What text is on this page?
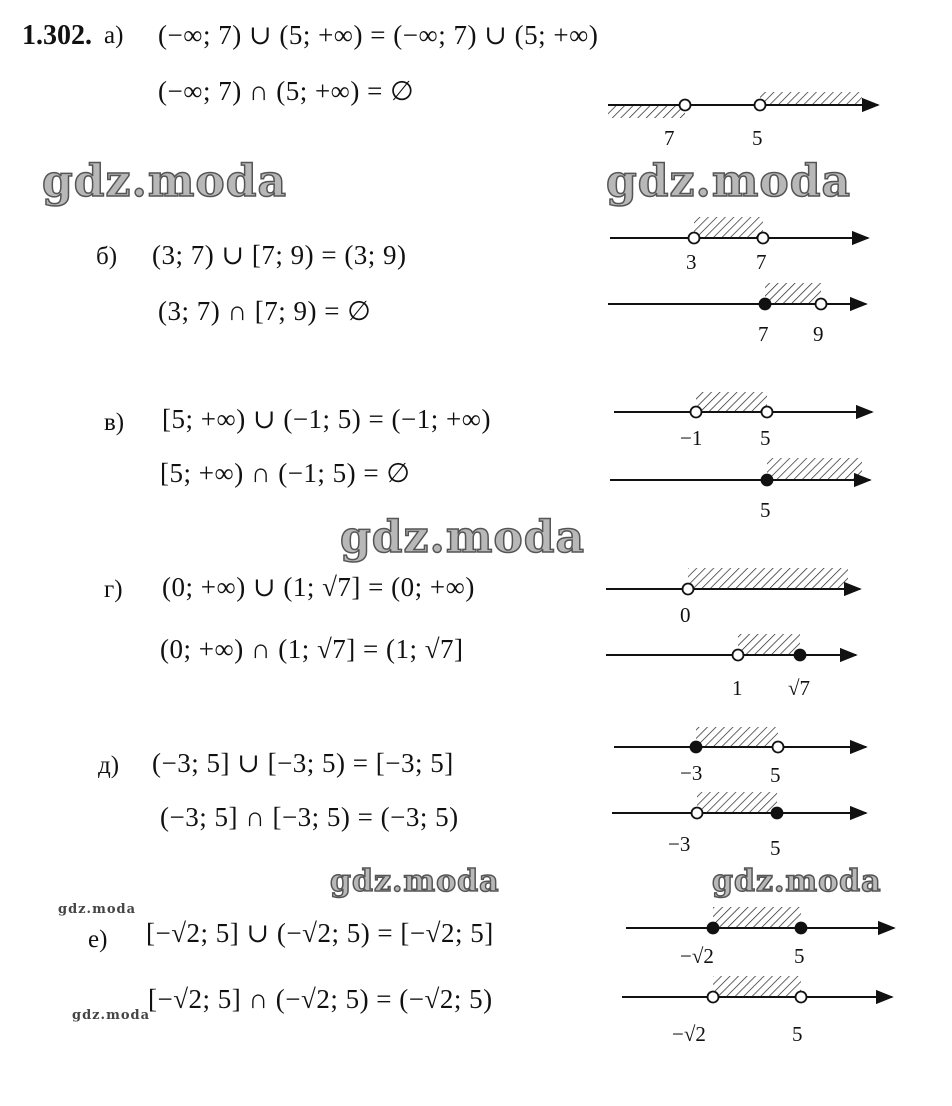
1.302. а) (−∞; 7) ∪ (5; +∞) = (−∞; 7) ∪ (5; +∞)
(−∞; 7) ∩ (5; +∞) = ∅
7	5
б) (3; 7) ∪ [7; 9) = (3; 9)
(3; 7) ∩ [7; 9) = ∅
3	7
7 9
в) [5; +∞) ∪ (−1; 5) = (−1; +∞)
[5; +∞) ∩ (−1; 5) = ∅
−1	5
5
г) (0; +∞) ∪ (1; √7] = (0; +∞)
(0; +∞) ∩ (1; √7] = (1; √7]
0
1 √7
д) (−3; 5] ∪ [−3; 5) = [−3; 5]
(−3; 5] ∩ [−3; 5) = (−3; 5)
−3	5
−3	5
е) [−√2; 5] ∪ (−√2; 5) = [−√2; 5]
[−√2; 5] ∩ (−√2; 5) = (−√2; 5)
−√2	5
−√2	5
gdz.moda	gdz.moda
gdz.moda
gdz.moda	gdz.moda
gdz.moda
gdz.moda
